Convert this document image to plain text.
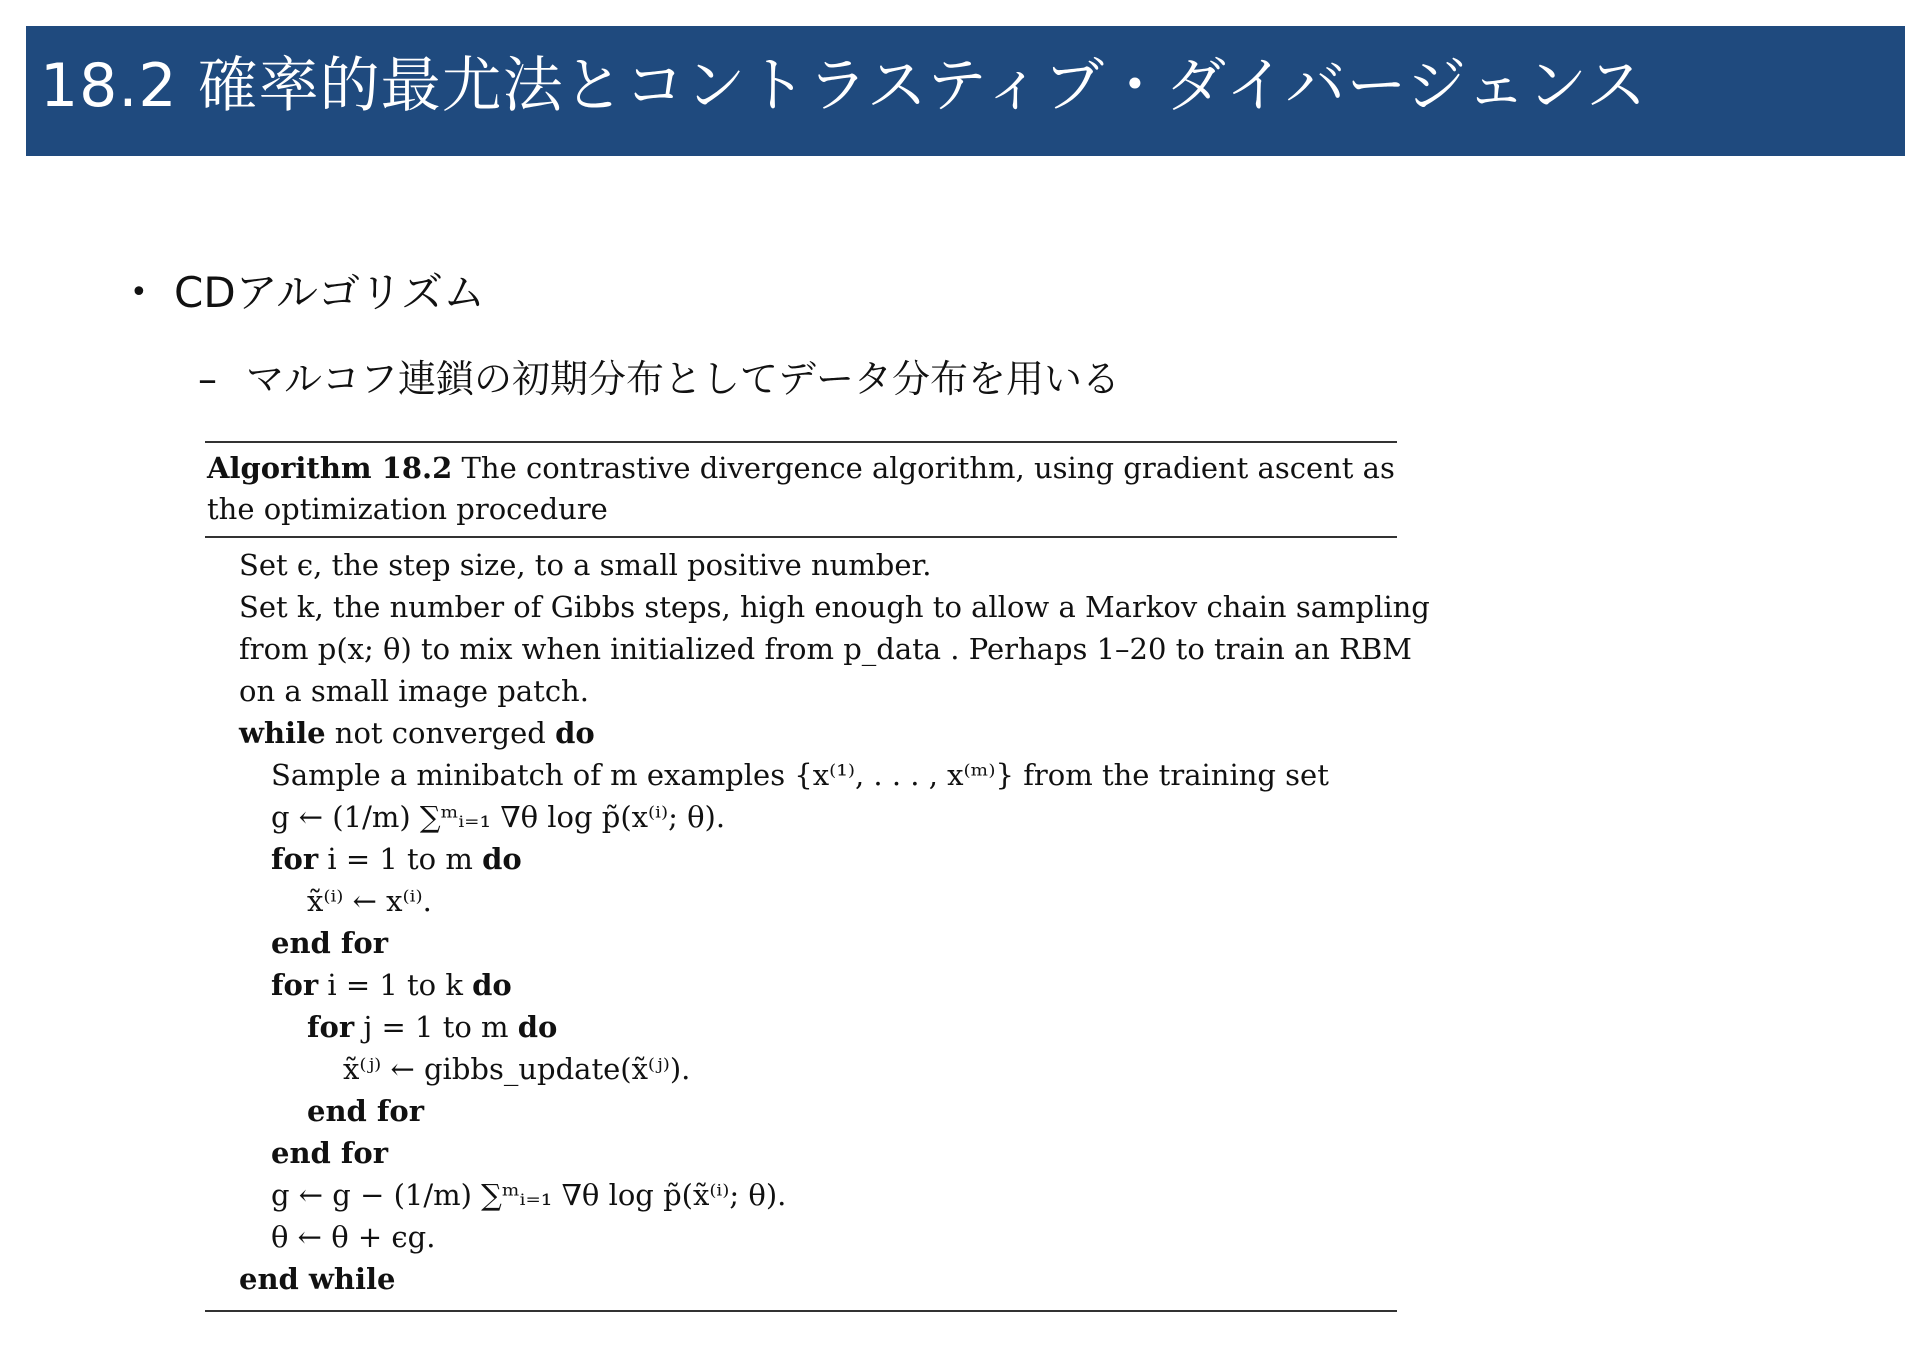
18.2 確率的最尤法とコントラスティブ・ダイバージェンス
• CDアルゴリズム
– マルコフ連鎖の初期分布としてデータ分布を用いる
Algorithm 18.2 The contrastive divergence algorithm, using gradient ascent as
the optimization procedure
Set ϵ, the step size, to a small positive number.
Set k, the number of Gibbs steps, high enough to allow a Markov chain sampling
from p(x; θ) to mix when initialized from p_data . Perhaps 1–20 to train an RBM
on a small image patch.
while not converged do
Sample a minibatch of m examples {x⁽¹⁾, . . . , x⁽ᵐ⁾} from the training set
g ← (1/m) ∑ᵐᵢ₌₁ ∇θ log p̃(x⁽ⁱ⁾; θ).
for i = 1 to m do
x̃⁽ⁱ⁾ ← x⁽ⁱ⁾.
end for
for i = 1 to k do
for j = 1 to m do
x̃⁽ʲ⁾ ← gibbs_update(x̃⁽ʲ⁾).
end for
end for
g ← g − (1/m) ∑ᵐᵢ₌₁ ∇θ log p̃(x̃⁽ⁱ⁾; θ).
θ ← θ + ϵg.
end while
